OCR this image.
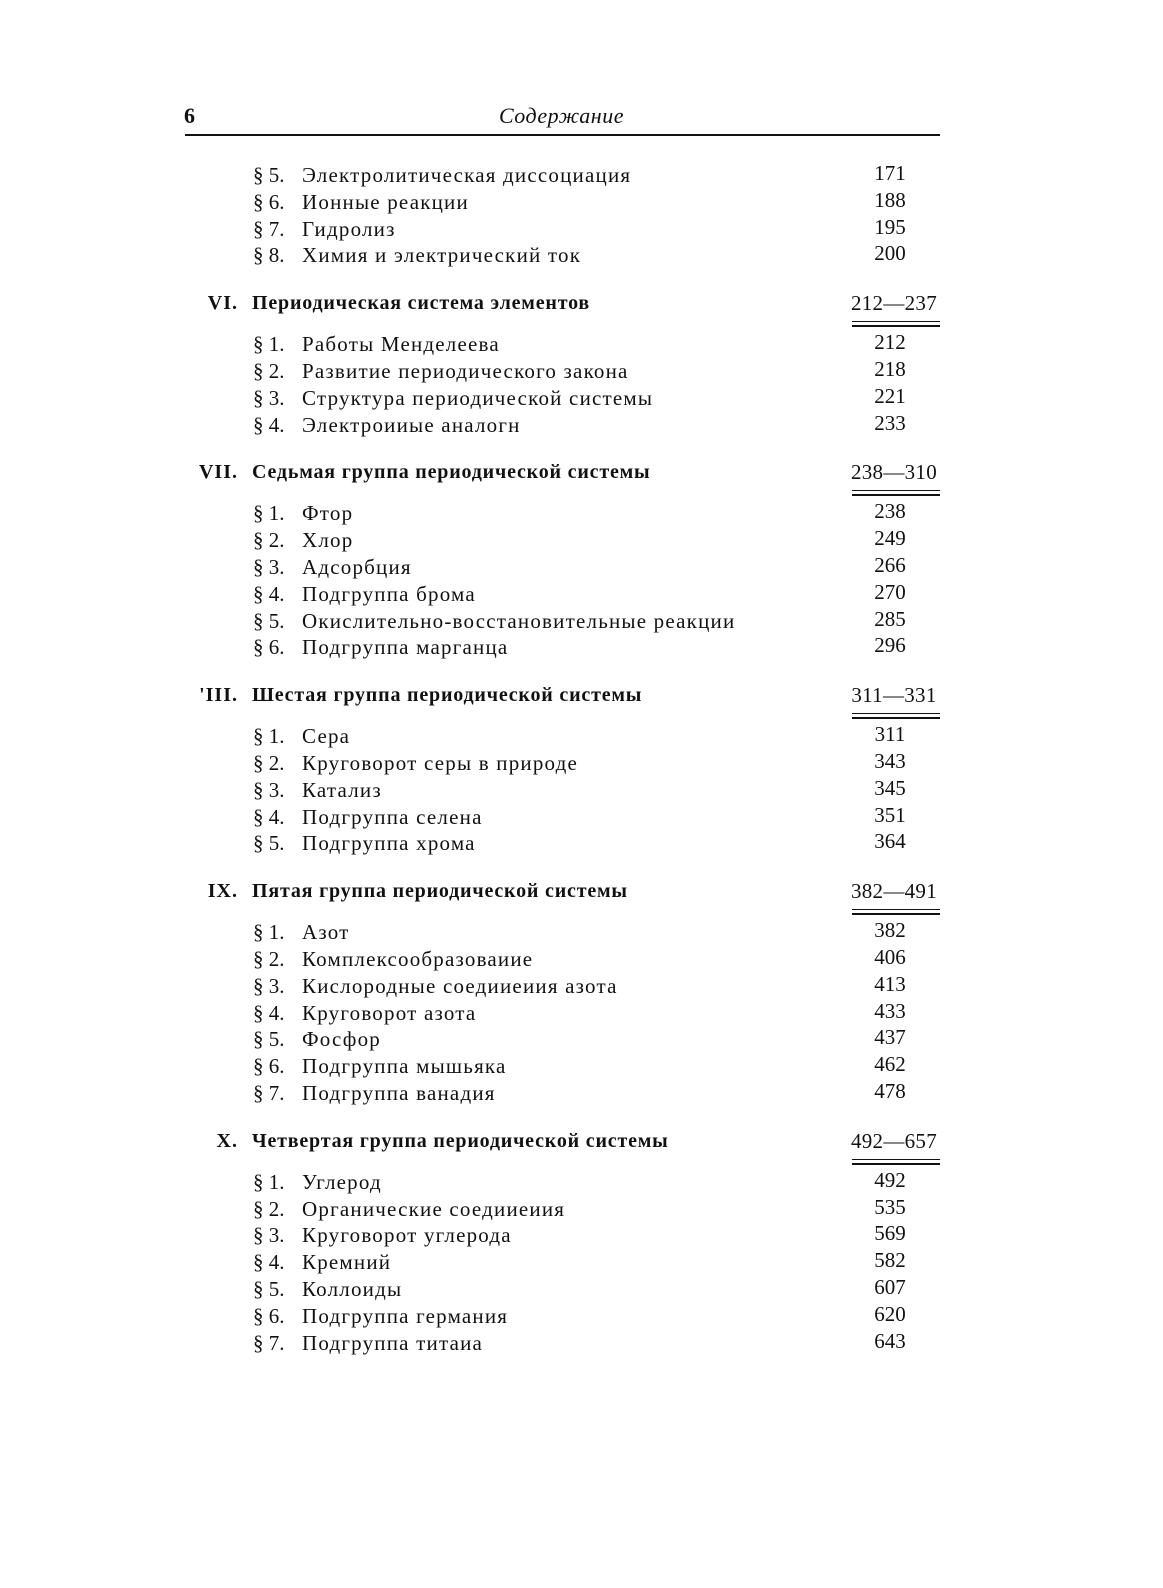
6	Содержание
§ 5. Электролитическая диссоциация	171
§ 6. Ионные реакции	188
§ 7. Гидролиз	195
§ 8. Химия и электрический ток	200
VI. Периодическая система элементов	212—237
§ 1. Работы Менделеева	212
§ 2. Развитие периодического закона	218
§ 3. Структура периодической системы	221
§ 4. Электроииые аналогн	233
VII. Седьмая группа периодической системы	238—310
§ 1. Фтор	238
§ 2. Хлор	249
§ 3. Адсорбция	266
§ 4. Подгруппа брома	270
§ 5. Окислительно-восстановительные реакции	285
§ 6. Подгруппа марганца	296
'III. Шестая группа периодической системы	311—331
§ 1. Сера	311
§ 2. Круговорот серы в природе	343
§ 3. Катализ	345
§ 4. Подгруппа селена	351
§ 5. Подгруппа хрома	364
IX. Пятая группа периодической системы	382—491
§ 1. Азот	382
§ 2. Комплексообразоваиие	406
§ 3. Кислородные соедииеиия азота	413
§ 4. Круговорот азота	433
§ 5. Фосфор	437
§ 6. Подгруппа мышьяка	462
§ 7. Подгруппа ванадия	478
X. Четвертая группа периодической системы	492—657
§ 1. Углерод	492
§ 2. Органические соедииеиия	535
§ 3. Круговорот углерода	569
§ 4. Кремний	582
§ 5. Коллоиды	607
§ 6. Подгруппа германия	620
§ 7. Подгруппа титаиа	643
